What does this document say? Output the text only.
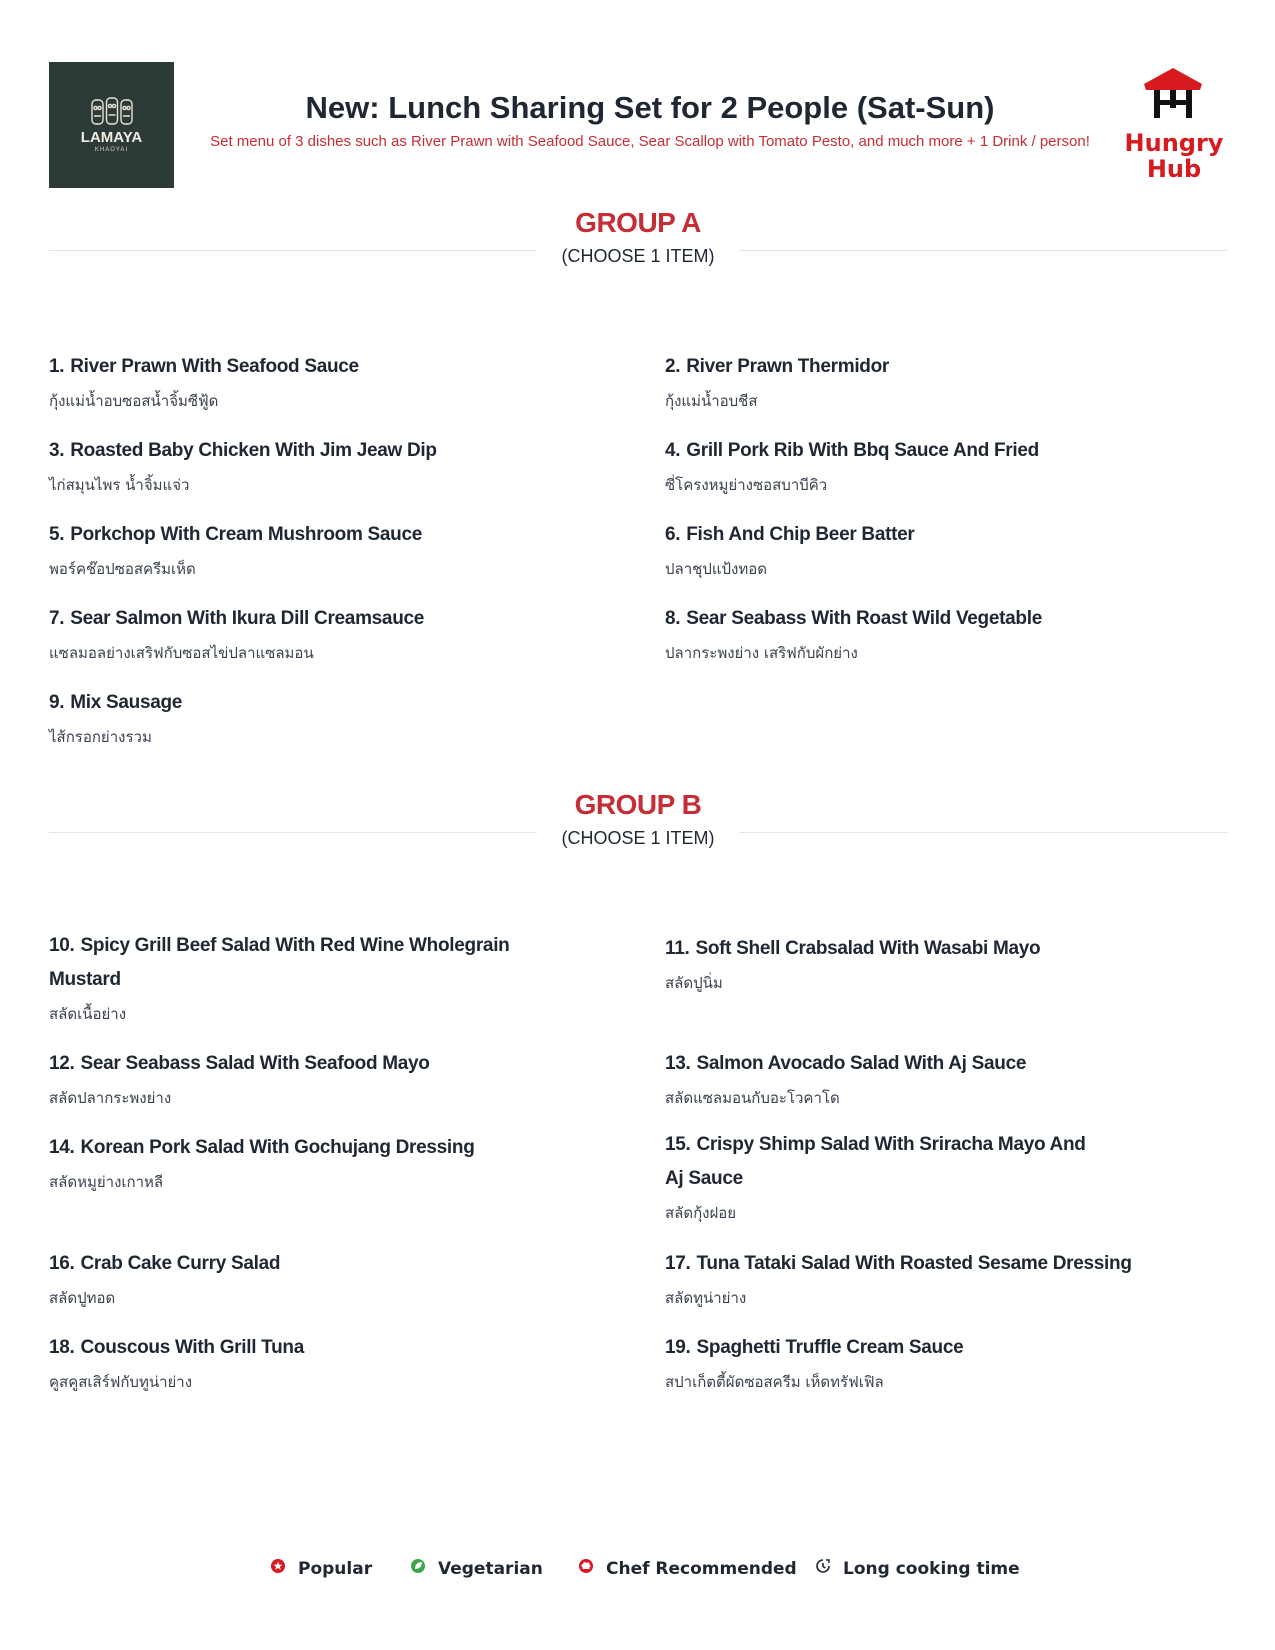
LAMAYA
KHAOYAI
New: Lunch Sharing Set for 2 People (Sat-Sun)
Set menu of 3 dishes such as River Prawn with Seafood Sauce, Sear Scallop with Tomato Pesto, and much more + 1 Drink / person!	Hungry
Hub
GROUP A
(CHOOSE 1 ITEM)
1. River Prawn With Seafood Sauce
กุ้งแม่น้ำอบซอสน้ำจิ้มซีฟู้ด
2. River Prawn Thermidor
กุ้งแม่น้ำอบชีส
3. Roasted Baby Chicken With Jim Jeaw Dip
ไก่สมุนไพร น้ำจิ้มแจ่ว
4. Grill Pork Rib With Bbq Sauce And Fried
ซี่โครงหมูย่างซอสบาบีคิว
5. Porkchop With Cream Mushroom Sauce
พอร์คช๊อปซอสครีมเห็ด
6. Fish And Chip Beer Batter
ปลาชุปแป้งทอด
7. Sear Salmon With Ikura Dill Creamsauce
แซลมอลย่างเสริฟกับซอสไข่ปลาแซลมอน
8. Sear Seabass With Roast Wild Vegetable
ปลากระพงย่าง เสริฟกับผักย่าง
9. Mix Sausage
ไส้กรอกย่างรวม
GROUP B
(CHOOSE 1 ITEM)
10. Spicy Grill Beef Salad With Red Wine Wholegrain Mustard
สลัดเนื้อย่าง
11. Soft Shell Crabsalad With Wasabi Mayo
สลัดปูนิ่ม
12. Sear Seabass Salad With Seafood Mayo
สลัดปลากระพงย่าง
13. Salmon Avocado Salad With Aj Sauce
สลัดแซลมอนกับอะโวคาโด
14. Korean Pork Salad With Gochujang Dressing
สลัดหมูย่างเกาหลี
15. Crispy Shimp Salad With Sriracha Mayo And Aj Sauce
สลัดกุ้งฝอย
16. Crab Cake Curry Salad
สลัดปูทอด
17. Tuna Tataki Salad With Roasted Sesame Dressing
สลัดทูน่าย่าง
18. Couscous With Grill Tuna
คูสคูสเสิร์ฟกับทูน่าย่าง
19. Spaghetti Truffle Cream Sauce
สปาเก็ตตี้ผัดซอสครีม เห็ดทรัฟเฟิล
Popular	Vegetarian	Chef Recommended	Long cooking time
